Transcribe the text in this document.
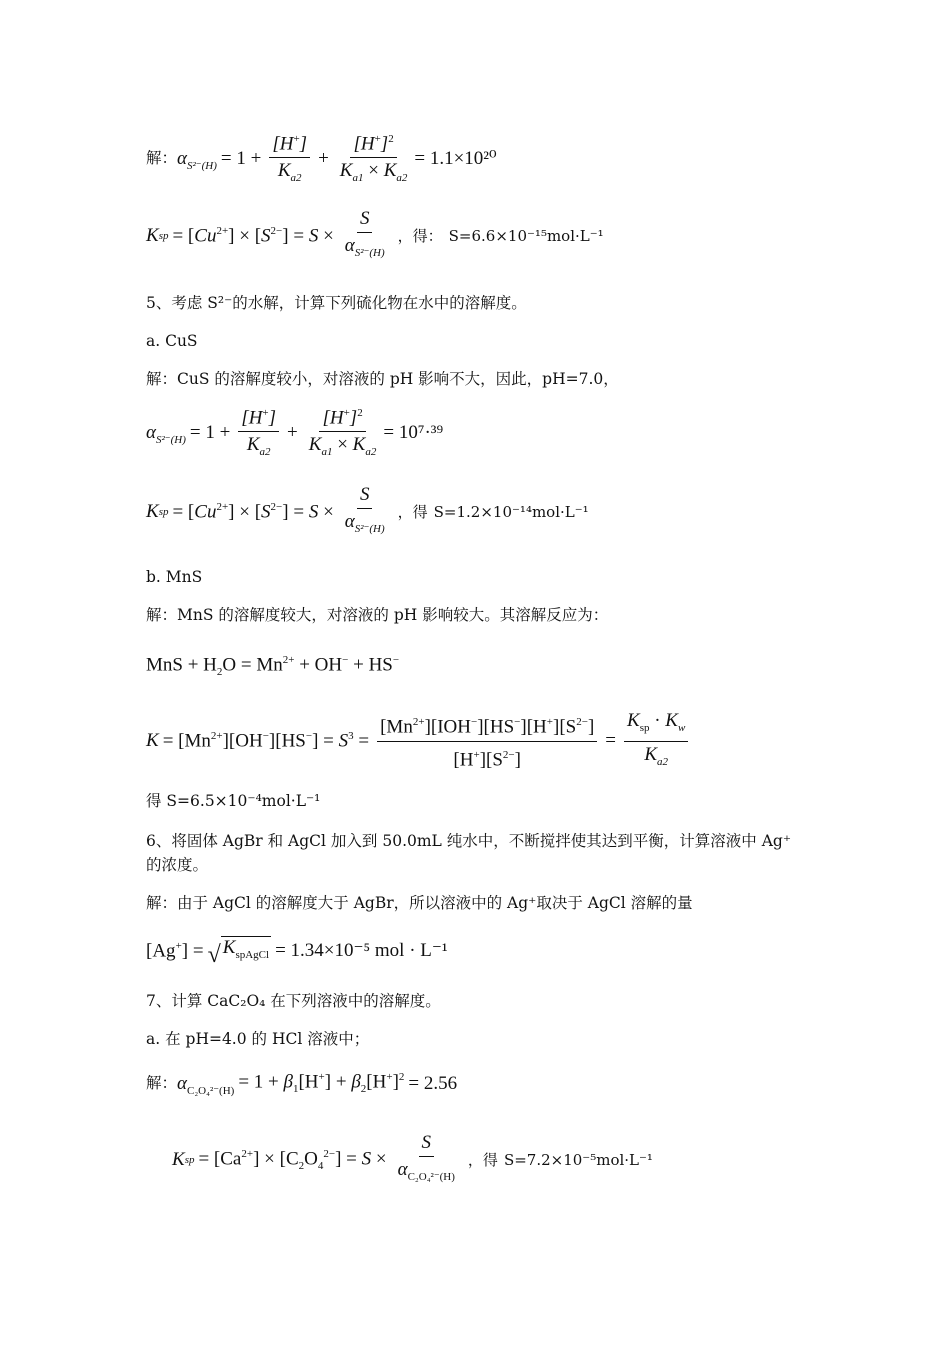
解： $\alpha_{S^{2-}(H)} = 1 + \frac{[H^+]}{K_{a2}} + \frac{[H^+]^2}{K_{a1} \times K_{a2}} = 1.1\times 10^{20}$
K sp = $[Cu^{2+}] \times [S^{2-}] = S \times \frac{S}{\alpha_{S^{2-}(H)}}$ ，得： S=6.6×10⁻¹⁵mol·L⁻¹
5、考虑 S²⁻的水解，计算下列硫化物在水中的溶解度。
a. CuS
解：CuS 的溶解度较小，对溶液的 pH 影响不大，因此，pH=7.0，
$\alpha_{S^{2-}(H)} = 1 + \frac{[H^+]}{K_{a2}} + \frac{[H^+]^2}{K_{a1} \times K_{a2}} = 10^7\cdot^{39}$
K sp = $[Cu^{2+}] \times [S^{2-}] = S \times \frac{S}{\alpha_{S^{2-}(H)}}$ ，得 S=1.2×10⁻¹⁴mol·L⁻¹
b. MnS
解：MnS 的溶解度较大，对溶液的 pH 影响较大。其溶解反应为：
MnS + $H_2O = Mn^{2+} + OH^- + HS^-$
$K = [Mn^{2+}][OH^-][HS^-] = S^3 = \frac{[Mn^{2+}][IOH^-][HS^-][H^+][S^{2-}]}{[H^+][S^{2-}]} = \frac{K_{sp} \cdot K_w}{K_{a2}}$
得 S=6.5×10⁻⁴mol·L⁻¹
6、将固体 AgBr 和 AgCl 加入到 50.0mL 纯水中，不断搅拌使其达到平衡，计算溶液中 Ag⁺
的浓度。
解：由于 AgCl 的溶解度大于 AgBr，所以溶液中的 Ag⁺取决于 AgCl 溶解的量
[Ag+] = √ $K_{spAgCl} = 1.34\times 10^{-5}$ mol · L⁻¹
7、计算 CaC₂O₄ 在下列溶液中的溶解度。
a. 在 pH=4.0 的 HCl 溶液中；
解： $\alpha_{C_2O_4^{2-}(H)} = 1 + \beta_1[H^+] + \beta_2[H^+]^2 = 2.56$
K sp = $[Ca^{2+}] \times [C_2O_4^{2-}] = S \times \frac{S}{\alpha_{C_2O_4^{2-}(H)}}$ ，得 S=7.2×10⁻⁵mol·L⁻¹
